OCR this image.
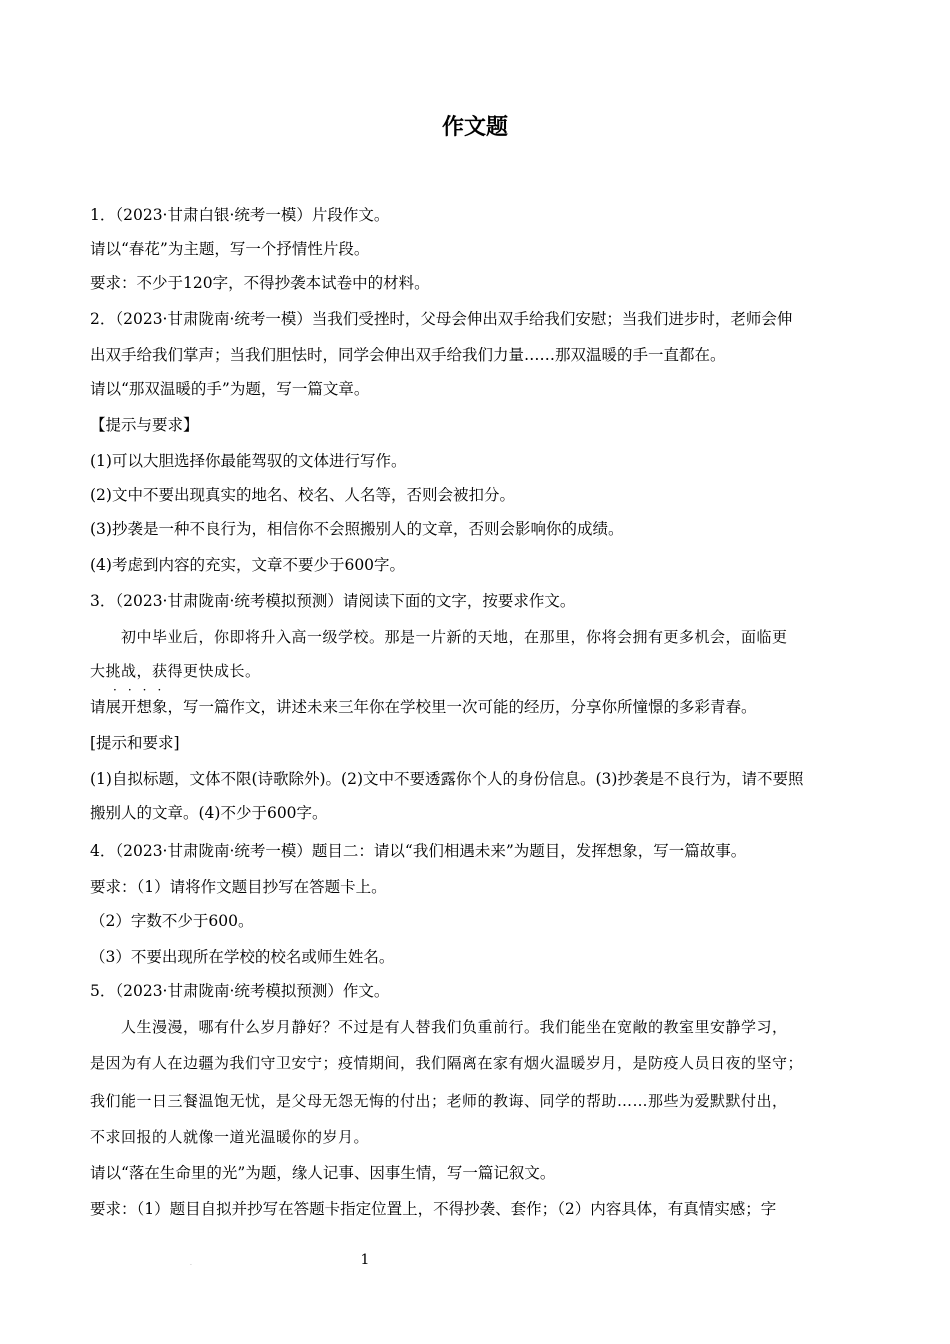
作文题
1．（2023·甘肃白银·统考一模）片段作文。
请以“春花”为主题，写一个抒情性片段。
要求：不少于120字，不得抄袭本试卷中的材料。
2．（2023·甘肃陇南·统考一模）当我们受挫时，父母会伸出双手给我们安慰；当我们进步时，老师会伸
出双手给我们掌声；当我们胆怯时，同学会伸出双手给我们力量……那双温暖的手一直都在。
请以“那双温暖的手”为题，写一篇文章。
【提示与要求】
(1)可以大胆选择你最能驾驭的文体进行写作。
(2)文中不要出现真实的地名、校名、人名等，否则会被扣分。
(3)抄袭是一种不良行为，相信你不会照搬别人的文章，否则会影响你的成绩。
(4)考虑到内容的充实，文章不要少于600字。
3．（2023·甘肃陇南·统考模拟预测）请阅读下面的文字，按要求作文。
　　初中毕业后，你即将升入高一级学校。那是一片新的天地，在那里，你将会拥有更多机会，面临更
大挑战，获得更快成长。
请展开想象，写一篇作文，讲述未来三年你在学校里一次可能的经历，分享你所憧憬的多彩青春。
[提示和要求]
(1)自拟标题，文体不限(诗歌除外)。(2)文中不要透露你个人的身份信息。(3)抄袭是不良行为，请不要照
搬别人的文章。(4)不少于600字。
4．（2023·甘肃陇南·统考一模）题目二：请以“我们相遇未来”为题目，发挥想象，写一篇故事。
要求：（1）请将作文题目抄写在答题卡上。
（2）字数不少于600。
（3）不要出现所在学校的校名或师生姓名。
5．（2023·甘肃陇南·统考模拟预测）作文。
　　人生漫漫，哪有什么岁月静好？不过是有人替我们负重前行。我们能坐在宽敞的教室里安静学习，
是因为有人在边疆为我们守卫安宁；疫情期间，我们隔离在家有烟火温暖岁月，是防疫人员日夜的坚守；
我们能一日三餐温饱无忧，是父母无怨无悔的付出；老师的教诲、同学的帮助……那些为爱默默付出，
不求回报的人就像一道光温暖你的岁月。
请以“落在生命里的光”为题，缘人记事、因事生情，写一篇记叙文。
要求：（1）题目自拟并抄写在答题卡指定位置上，不得抄袭、套作；（2）内容具体，有真情实感；字
····
1
·
